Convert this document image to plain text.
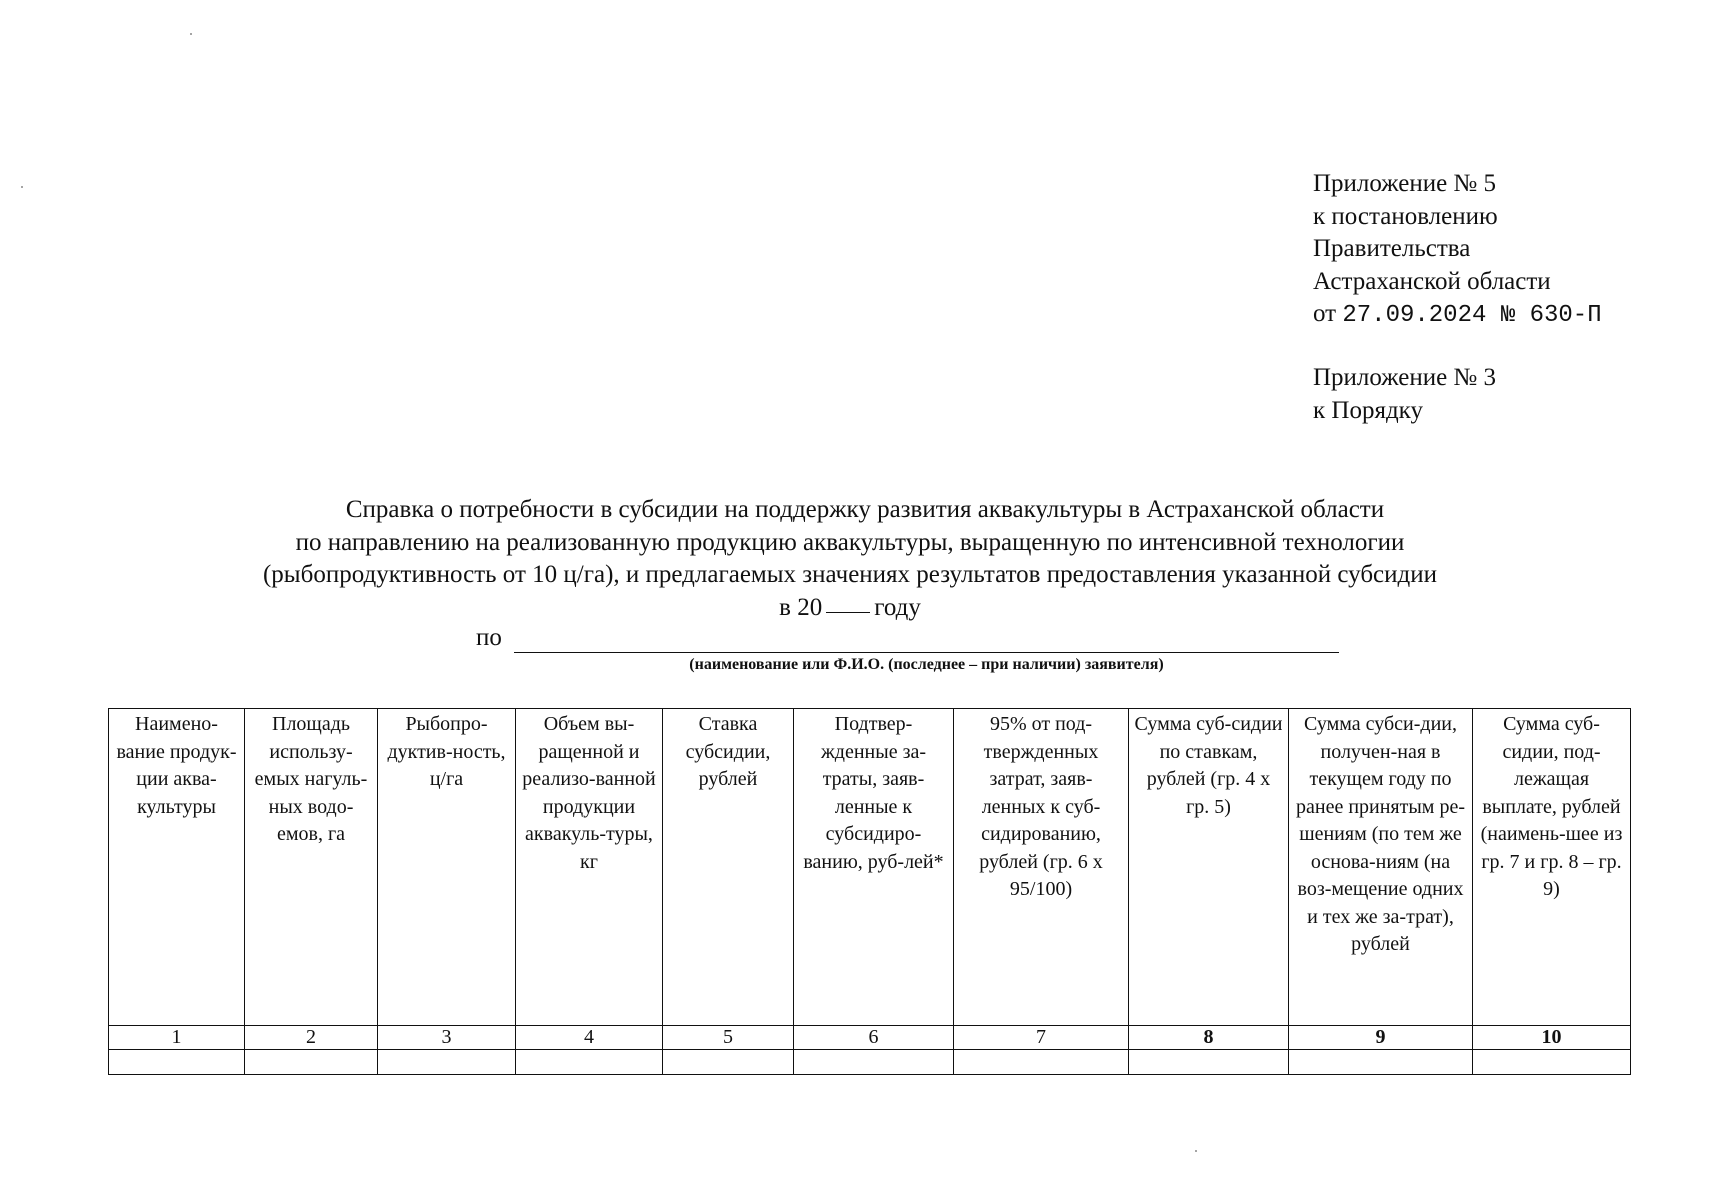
Приложение № 5
к постановлению
Правительства
Астраханской области
от 27.09.2024 № 630-П
Приложение № 3
к Порядку
Справка о потребности в субсидии на поддержку развития аквакультуры в Астраханской области
по направлению на реализованную продукцию аквакультуры, выращенную по интенсивной технологии
(рыбопродуктивность от 10 ц/га), и предлагаемых значениях результатов предоставления указанной субсидии
в 20 году
по
(наименование или Ф.И.О. (последнее – при наличии) заявителя)
Наимено-вание продук-ции аква-культуры	Площадь использу-емых нагуль-ных водо-емов, га	Рыбопро-дуктив-ность, ц/га	Объем вы-ращенной и реализо-ванной продукции аквакуль-туры, кг	Ставка субсидии, рублей	Подтвер-жденные за-траты, заяв-ленные к субсидиро-ванию, руб-лей*	95% от под-твержденных затрат, заяв-ленных к суб-сидированию, рублей (гр. 6 х 95/100)	Сумма суб-сидии по ставкам, рублей (гр. 4 х гр. 5)	Сумма субси-дии, получен-ная в текущем году по ранее принятым ре-шениям (по тем же основа-ниям (на воз-мещение одних и тех же за-трат), рублей	Сумма суб-сидии, под-лежащая выплате, рублей (наимень-шее из гр. 7 и гр. 8 – гр. 9)
1	2	3	4	5	6	7	8	9	10
